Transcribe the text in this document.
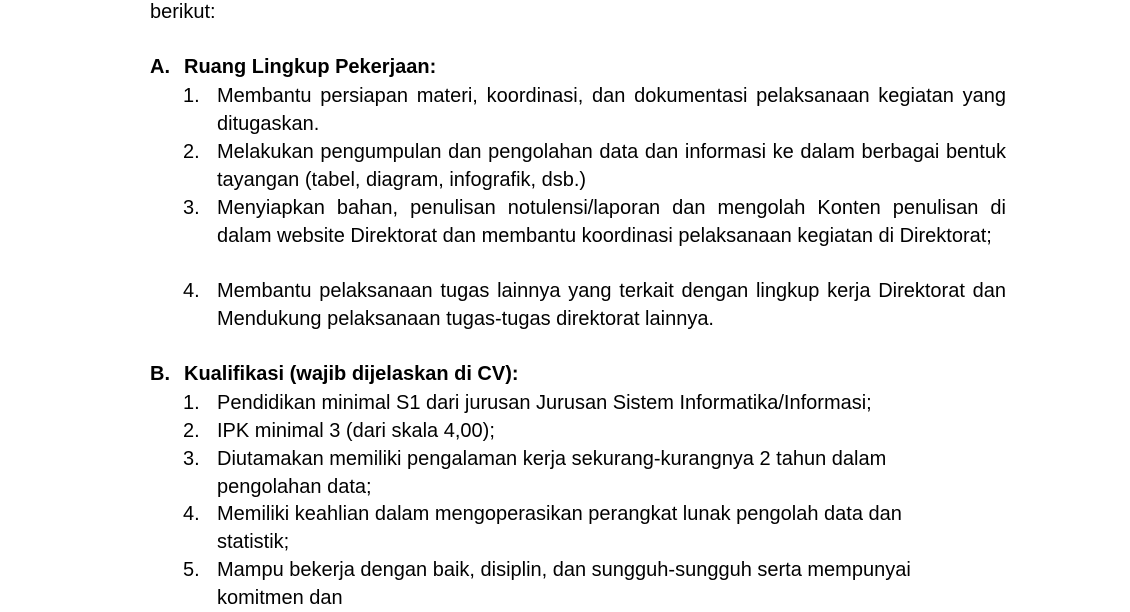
berikut:
A. Ruang Lingkup Pekerjaan:
1. Membantu persiapan materi, koordinasi, dan dokumentasi pelaksanaan kegiatan yang ditugaskan.
2. Melakukan pengumpulan dan pengolahan data dan informasi ke dalam berbagai bentuk tayangan (tabel, diagram, infografik, dsb.)
3. Menyiapkan bahan, penulisan notulensi/laporan dan mengolah Konten penulisan di dalam website Direktorat dan membantu koordinasi pelaksanaan kegiatan di Direktorat;
4. Membantu pelaksanaan tugas lainnya yang terkait dengan lingkup kerja Direktorat dan Mendukung pelaksanaan tugas-tugas direktorat lainnya.
B. Kualifikasi (wajib dijelaskan di CV):
1. Pendidikan minimal S1 dari jurusan Jurusan Sistem Informatika/Informasi;
2. IPK minimal 3 (dari skala 4,00);
3. Diutamakan memiliki pengalaman kerja sekurang-kurangnya 2 tahun dalam pengolahan data;
4. Memiliki keahlian dalam mengoperasikan perangkat lunak pengolah data dan statistik;
5. Mampu bekerja dengan baik, disiplin, dan sungguh-sungguh serta mempunyai komitmen dan
